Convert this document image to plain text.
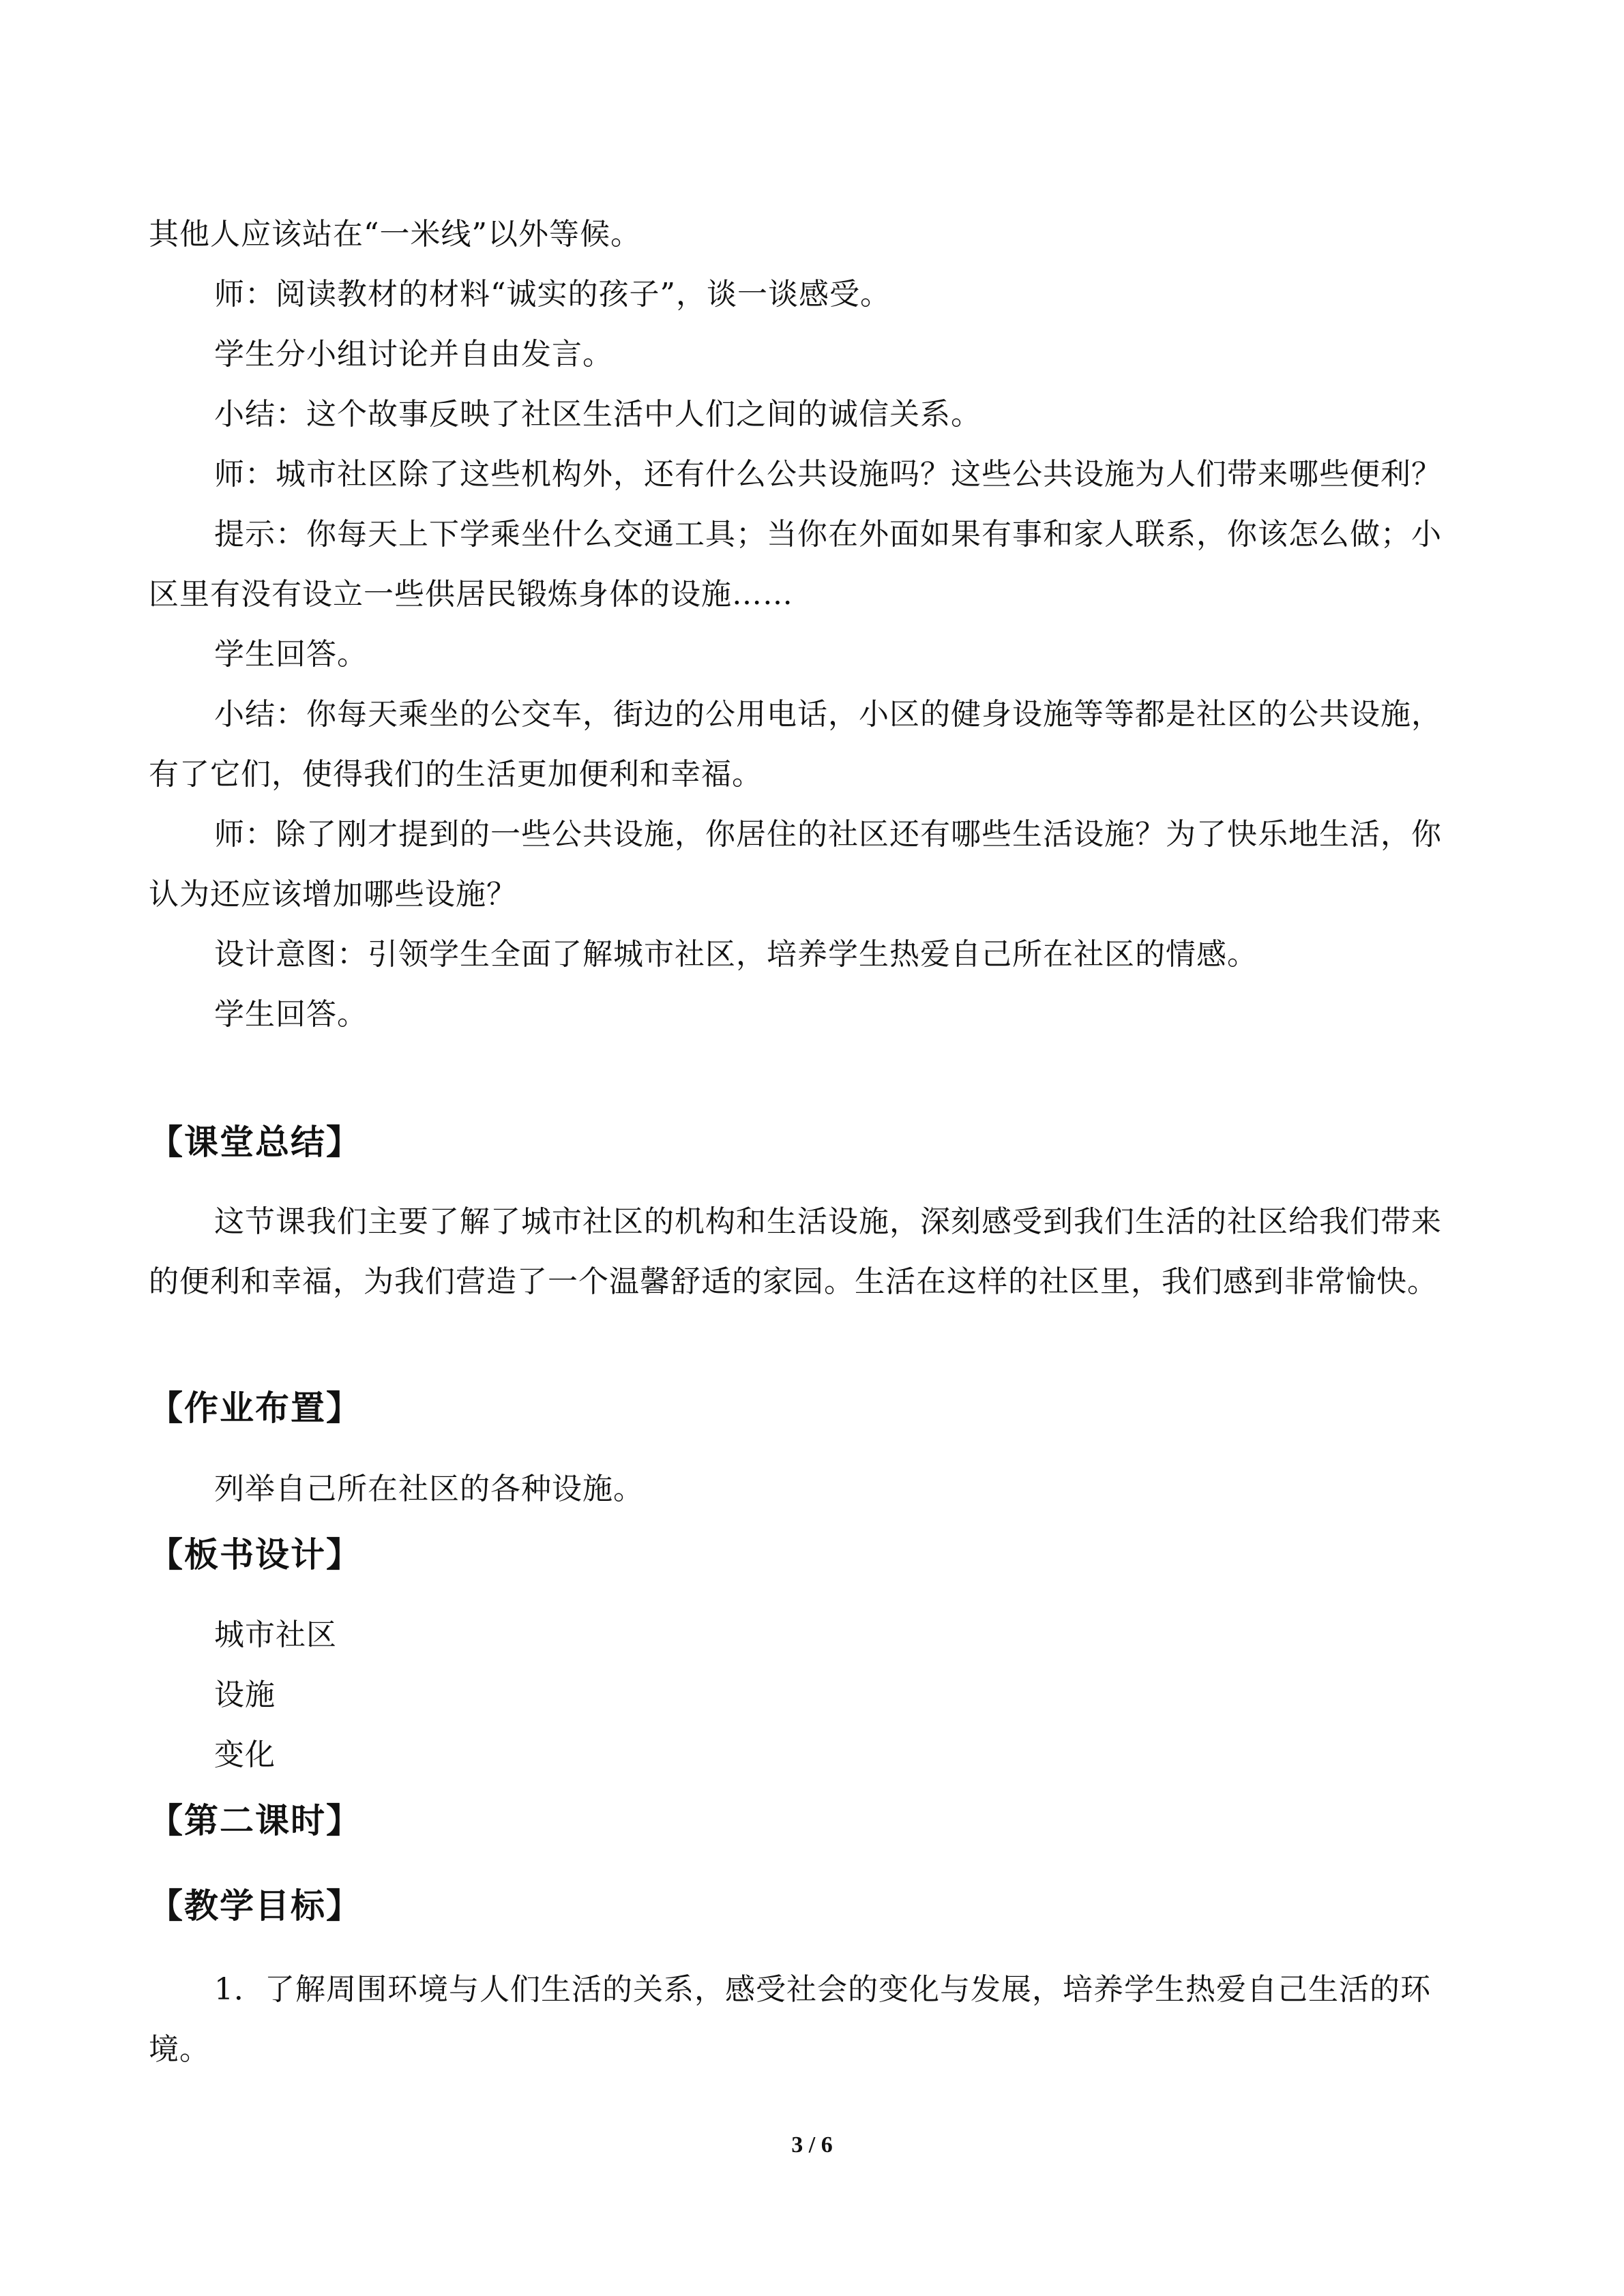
其他人应该站在“一米线”以外等候。

师：阅读教材的材料“诚实的孩子”，谈一谈感受。

学生分小组讨论并自由发言。

小结：这个故事反映了社区生活中人们之间的诚信关系。

师：城市社区除了这些机构外，还有什么公共设施吗？这些公共设施为人们带来哪些便利？

提示：你每天上下学乘坐什么交通工具；当你在外面如果有事和家人联系，你该怎么做；小区里有没有设立一些供居民锻炼身体的设施……

学生回答。

小结：你每天乘坐的公交车，街边的公用电话，小区的健身设施等等都是社区的公共设施，有了它们，使得我们的生活更加便利和幸福。

师：除了刚才提到的一些公共设施，你居住的社区还有哪些生活设施？为了快乐地生活，你认为还应该增加哪些设施？

设计意图：引领学生全面了解城市社区，培养学生热爱自己所在社区的情感。

学生回答。

【课堂总结】

这节课我们主要了解了城市社区的机构和生活设施，深刻感受到我们生活的社区给我们带来的便利和幸福，为我们营造了一个温馨舒适的家园。生活在这样的社区里，我们感到非常愉快。

【作业布置】

列举自己所在社区的各种设施。

【板书设计】

城市社区

设施

变化

【第二课时】
【教学目标】

1．了解周围环境与人们生活的关系，感受社会的变化与发展，培养学生热爱自己生活的环境。

3 / 6
